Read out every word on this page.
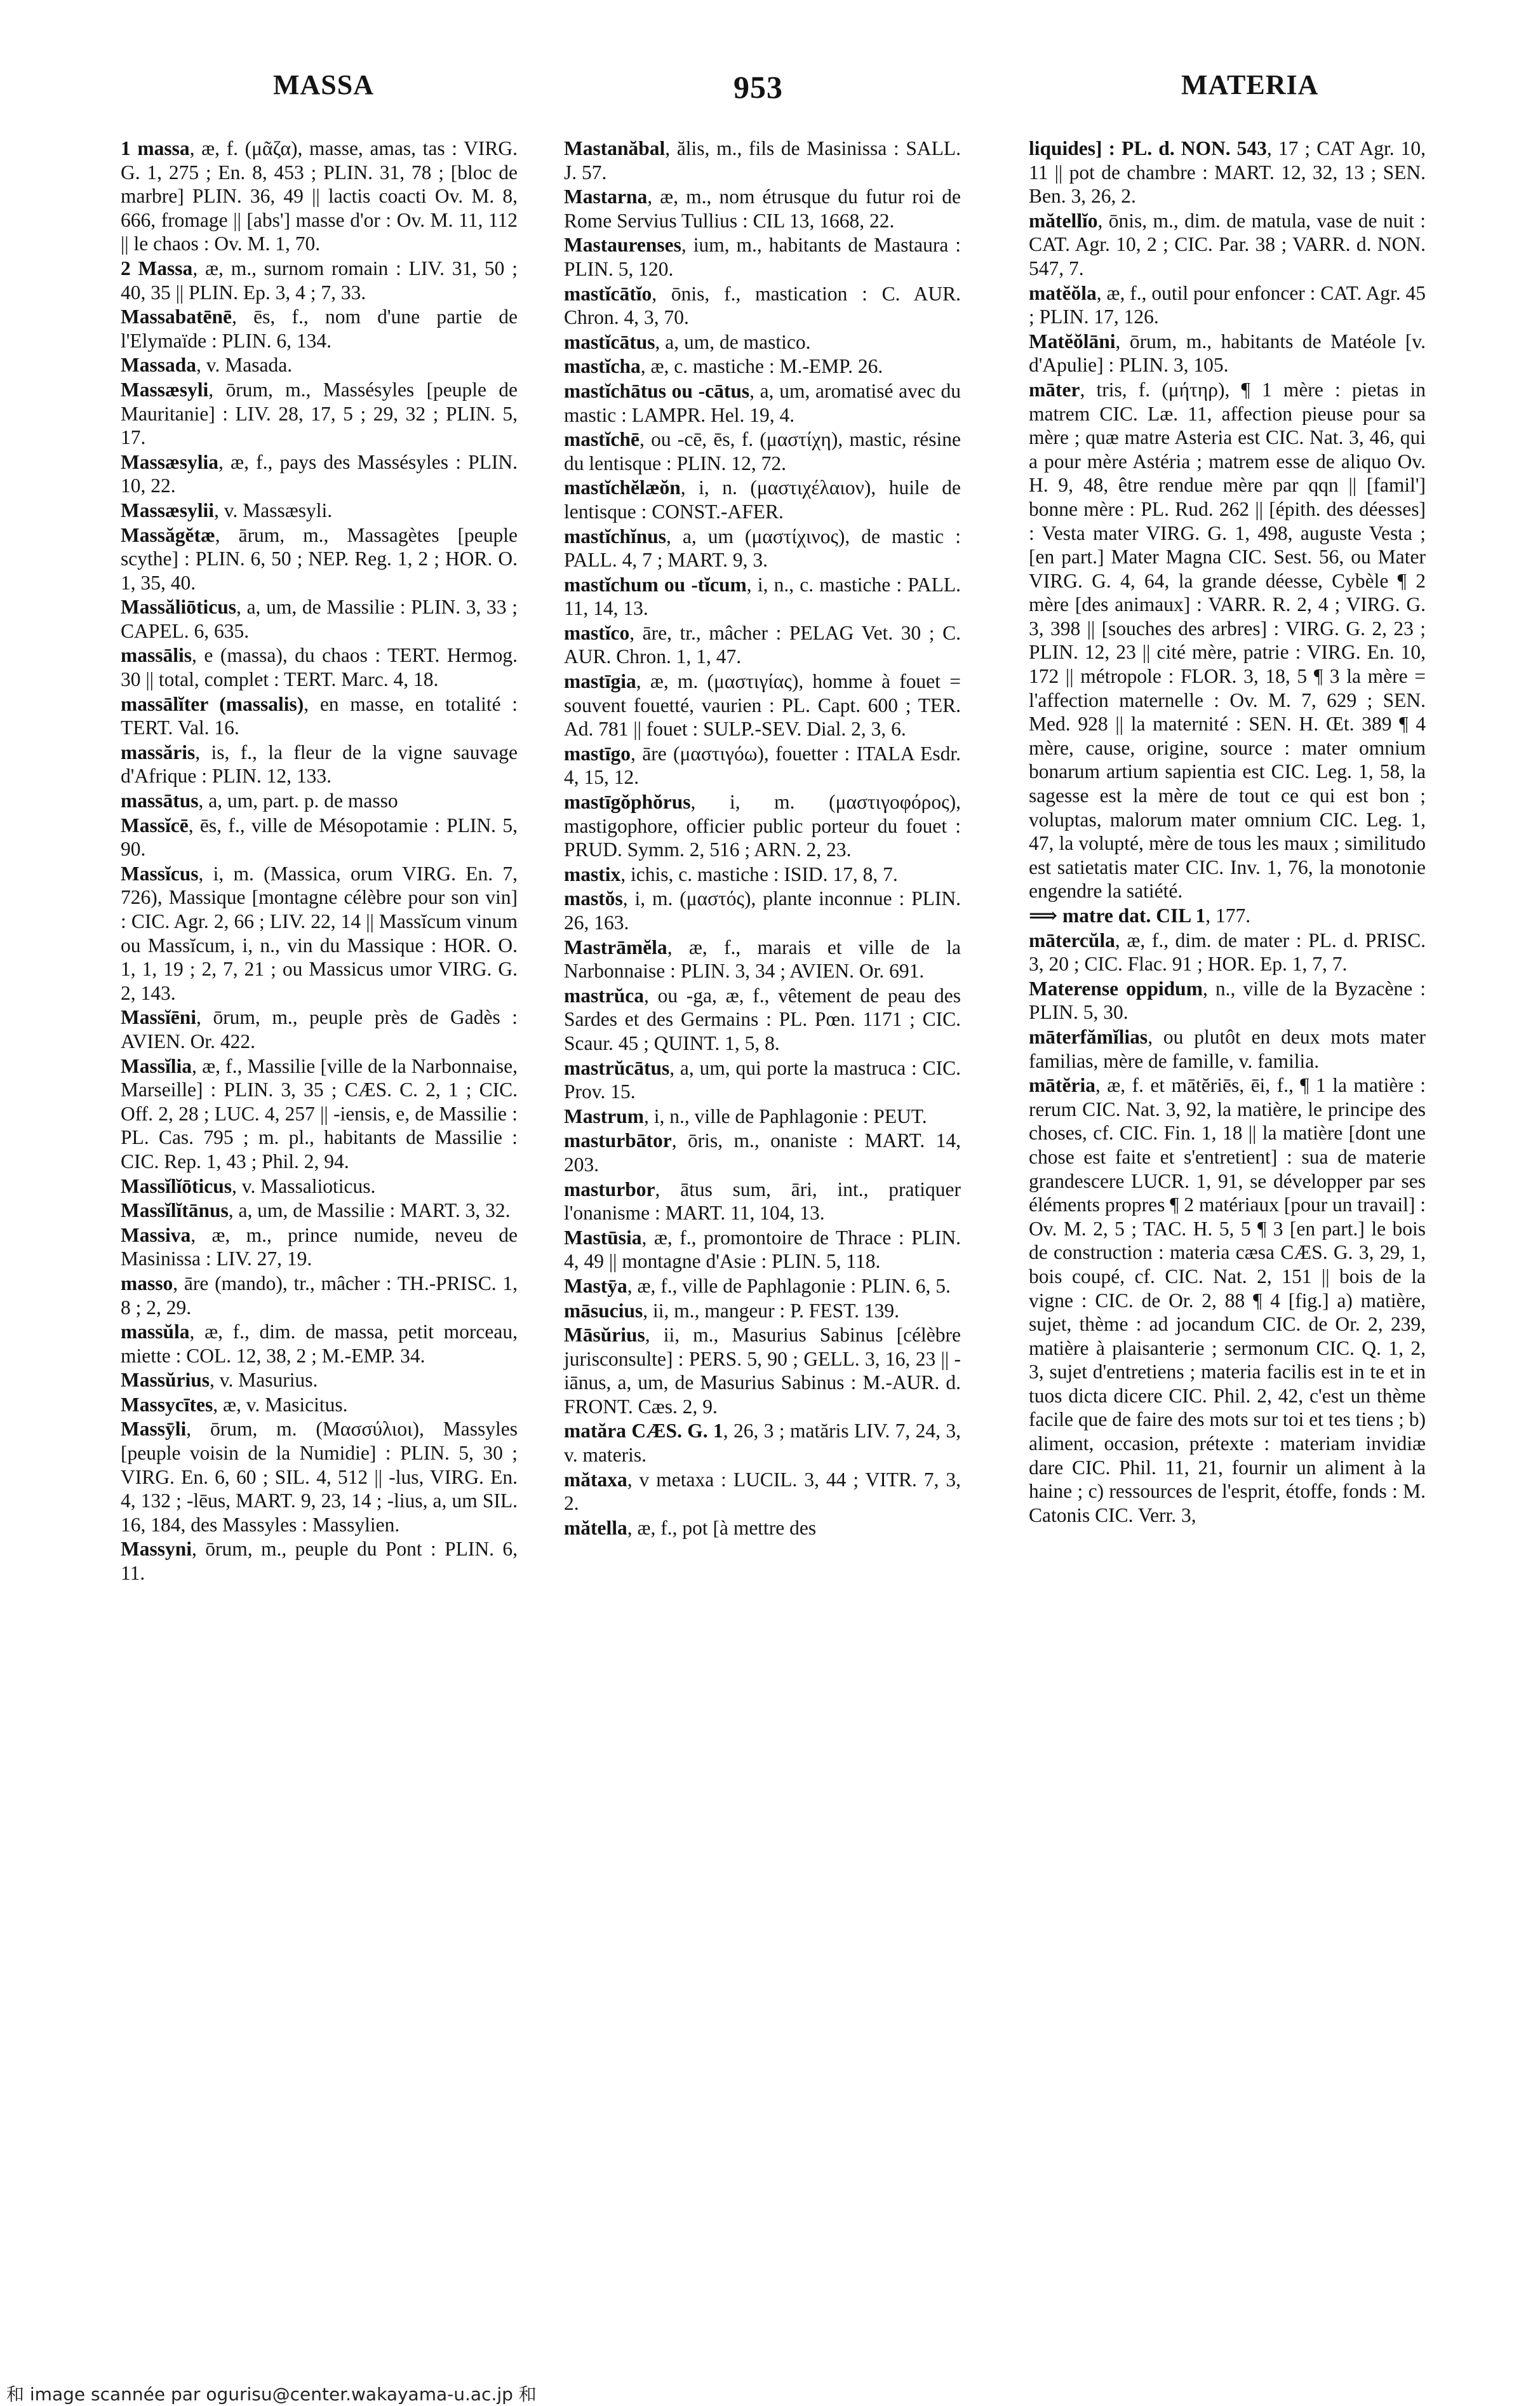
MASSA	953	MATERIA

1 massa, æ, f. (μᾶζα), masse, amas, tas : VIRG. G. 1, 275 ; En. 8, 453 ; PLIN. 31, 78 ; [bloc de marbre] PLIN. 36, 49 || lactis coacti Ov. M. 8, 666, fromage || [abs'] masse d'or : Ov. M. 11, 112 || le chaos : Ov. M. 1, 70.

2 Massa, æ, m., surnom romain : LIV. 31, 50 ; 40, 35 || PLIN. Ep. 3, 4 ; 7, 33.

Massabatēnē, ēs, f., nom d'une partie de l'Elymaïde : PLIN. 6, 134.

Massada, v. Masada.

Massæsyli, ōrum, m., Massésyles [peuple de Mauritanie] : LIV. 28, 17, 5 ; 29, 32 ; PLIN. 5, 17.

Massæsylia, æ, f., pays des Massésyles : PLIN. 10, 22.

Massæsylii, v. Massæsyli.

Massăgĕtæ, ārum, m., Massagètes [peuple scythe] : PLIN. 6, 50 ; NEP. Reg. 1, 2 ; HOR. O. 1, 35, 40.

Massăliōticus, a, um, de Massilie : PLIN. 3, 33 ; CAPEL. 6, 635.

massālis, e (massa), du chaos : TERT. Hermog. 30 || total, complet : TERT. Marc. 4, 18.

massālĭter (massalis), en masse, en totalité : TERT. Val. 16.

massăris, is, f., la fleur de la vigne sauvage d'Afrique : PLIN. 12, 133.

massātus, a, um, part. p. de masso

Massĭcē, ēs, f., ville de Mésopotamie : PLIN. 5, 90.

Massĭcus, i, m. (Massica, orum VIRG. En. 7, 726), Massique [montagne célèbre pour son vin] : CIC. Agr. 2, 66 ; LIV. 22, 14 || Massĭcum vinum ou Massĭcum, i, n., vin du Massique : HOR. O. 1, 1, 19 ; 2, 7, 21 ; ou Massicus umor VIRG. G. 2, 143.

Massĭēni, ōrum, m., peuple près de Gadès : AVIEN. Or. 422.

Massĭlia, æ, f., Massilie [ville de la Narbonnaise, Marseille] : PLIN. 3, 35 ; CÆS. C. 2, 1 ; CIC. Off. 2, 28 ; LUC. 4, 257 || -iensis, e, de Massilie : PL. Cas. 795 ; m. pl., habitants de Massilie : CIC. Rep. 1, 43 ; Phil. 2, 94.

Massĭlĭōticus, v. Massalioticus.

Massĭlĭtānus, a, um, de Massilie : MART. 3, 32.

Massiva, æ, m., prince numide, neveu de Masinissa : LIV. 27, 19.

masso, āre (mando), tr., mâcher : TH.-PRISC. 1, 8 ; 2, 29.

massŭla, æ, f., dim. de massa, petit morceau, miette : COL. 12, 38, 2 ; M.-EMP. 34.

Massŭrius, v. Masurius.

Massycītes, æ, v. Masicitus.

Massȳli, ōrum, m. (Μασσύλιοι), Massyles [peuple voisin de la Numidie] : PLIN. 5, 30 ; VIRG. En. 6, 60 ; SIL. 4, 512 || -lus, VIRG. En. 4, 132 ; -lēus, MART. 9, 23, 14 ; -lius, a, um SIL. 16, 184, des Massyles : Massylien.

Massyni, ōrum, m., peuple du Pont : PLIN. 6, 11.

Mastanăbal, ălis, m., fils de Masinissa : SALL. J. 57.

Mastarna, æ, m., nom étrusque du futur roi de Rome Servius Tullius : CIL 13, 1668, 22.

Mastaurenses, ium, m., habitants de Mastaura : PLIN. 5, 120.

mastĭcātĭo, ōnis, f., mastication : C. AUR. Chron. 4, 3, 70.

mastĭcātus, a, um, de mastico.

mastĭcha, æ, c. mastiche : M.-EMP. 26.

mastĭchātus ou -cātus, a, um, aromatisé avec du mastic : LAMPR. Hel. 19, 4.

mastĭchē, ou -cē, ēs, f. (μαστίχη), mastic, résine du lentisque : PLIN. 12, 72.

mastĭchĕlæŏn, i, n. (μαστιχέλαιον), huile de lentisque : CONST.-AFER.

mastĭchĭnus, a, um (μαστίχινος), de mastic : PALL. 4, 7 ; MART. 9, 3.

mastĭchum ou -tĭcum, i, n., c. mastiche : PALL. 11, 14, 13.

mastĭco, āre, tr., mâcher : PELAG Vet. 30 ; C. AUR. Chron. 1, 1, 47.

mastīgia, æ, m. (μαστιγίας), homme à fouet = souvent fouetté, vaurien : PL. Capt. 600 ; TER. Ad. 781 || fouet : SULP.-SEV. Dial. 2, 3, 6.

mastīgo, āre (μαστιγόω), fouetter : ITALA Esdr. 4, 15, 12.

mastīgŏphŏrus, i, m. (μαστιγοφόρος), mastigophore, officier public porteur du fouet : PRUD. Symm. 2, 516 ; ARN. 2, 23.

mastix, ichis, c. mastiche : ISID. 17, 8, 7.

mastŏs, i, m. (μαστός), plante inconnue : PLIN. 26, 163.

Mastrāmĕla, æ, f., marais et ville de la Narbonnaise : PLIN. 3, 34 ; AVIEN. Or. 691.

mastrŭca, ou -ga, æ, f., vêtement de peau des Sardes et des Germains : PL. Pœn. 1171 ; CIC. Scaur. 45 ; QUINT. 1, 5, 8.

mastrŭcātus, a, um, qui porte la mastruca : CIC. Prov. 15.

Mastrum, i, n., ville de Paphlagonie : PEUT.

masturbātor, ōris, m., onaniste : MART. 14, 203.

masturbor, ātus sum, āri, int., pratiquer l'onanisme : MART. 11, 104, 13.

Mastūsia, æ, f., promontoire de Thrace : PLIN. 4, 49 || montagne d'Asie : PLIN. 5, 118.

Mastȳa, æ, f., ville de Paphlagonie : PLIN. 6, 5.

māsucius, ii, m., mangeur : P. FEST. 139.

Māsŭrius, ii, m., Masurius Sabinus [célèbre jurisconsulte] : PERS. 5, 90 ; GELL. 3, 16, 23 || -iānus, a, um, de Masurius Sabinus : M.-AUR. d. FRONT. Cæs. 2, 9.

matăra CÆS. G. 1, 26, 3 ; matăris LIV. 7, 24, 3, v. materis.

mătaxa, v metaxa : LUCIL. 3, 44 ; VITR. 7, 3, 2.

mătella, æ, f., pot [à mettre des

liquides] : PL. d. NON. 543, 17 ; CAT Agr. 10, 11 || pot de chambre : MART. 12, 32, 13 ; SEN. Ben. 3, 26, 2.

mătellĭo, ōnis, m., dim. de matula, vase de nuit : CAT. Agr. 10, 2 ; CIC. Par. 38 ; VARR. d. NON. 547, 7.

matĕŏla, æ, f., outil pour enfoncer : CAT. Agr. 45 ; PLIN. 17, 126.

Matĕŏlāni, ōrum, m., habitants de Matéole [v. d'Apulie] : PLIN. 3, 105.

māter, tris, f. (μήτηρ), ¶ 1 mère : pietas in matrem CIC. Læ. 11, affection pieuse pour sa mère ; quæ matre Asteria est CIC. Nat. 3, 46, qui a pour mère Astéria ; matrem esse de aliquo Ov. H. 9, 48, être rendue mère par qqn || [famil'] bonne mère : PL. Rud. 262 || [épith. des déesses] : Vesta mater VIRG. G. 1, 498, auguste Vesta ; [en part.] Mater Magna CIC. Sest. 56, ou Mater VIRG. G. 4, 64, la grande déesse, Cybèle ¶ 2 mère [des animaux] : VARR. R. 2, 4 ; VIRG. G. 3, 398 || [souches des arbres] : VIRG. G. 2, 23 ; PLIN. 12, 23 || cité mère, patrie : VIRG. En. 10, 172 || métropole : FLOR. 3, 18, 5 ¶ 3 la mère = l'affection maternelle : Ov. M. 7, 629 ; SEN. Med. 928 || la maternité : SEN. H. Œt. 389 ¶ 4 mère, cause, origine, source : mater omnium bonarum artium sapientia est CIC. Leg. 1, 58, la sagesse est la mère de tout ce qui est bon ; voluptas, malorum mater omnium CIC. Leg. 1, 47, la volupté, mère de tous les maux ; similitudo est satietatis mater CIC. Inv. 1, 76, la monotonie engendre la satiété.

⟹ matre dat. CIL 1, 177.

mātercŭla, æ, f., dim. de mater : PL. d. PRISC. 3, 20 ; CIC. Flac. 91 ; HOR. Ep. 1, 7, 7.

Materense oppidum, n., ville de la Byzacène : PLIN. 5, 30.

māterfămĭlias, ou plutôt en deux mots mater familias, mère de famille, v. familia.

mātĕria, æ, f. et mātĕriēs, ēi, f., ¶ 1 la matière : rerum CIC. Nat. 3, 92, la matière, le principe des choses, cf. CIC. Fin. 1, 18 || la matière [dont une chose est faite et s'entretient] : sua de materie grandescere LUCR. 1, 91, se développer par ses éléments propres ¶ 2 matériaux [pour un travail] : Ov. M. 2, 5 ; TAC. H. 5, 5 ¶ 3 [en part.] le bois de construction : materia cæsa CÆS. G. 3, 29, 1, bois coupé, cf. CIC. Nat. 2, 151 || bois de la vigne : CIC. de Or. 2, 88 ¶ 4 [fig.] a) matière, sujet, thème : ad jocandum CIC. de Or. 2, 239, matière à plaisanterie ; sermonum CIC. Q. 1, 2, 3, sujet d'entretiens ; materia facilis est in te et in tuos dicta dicere CIC. Phil. 2, 42, c'est un thème facile que de faire des mots sur toi et tes tiens ; b) aliment, occasion, prétexte : materiam invidiæ dare CIC. Phil. 11, 21, fournir un aliment à la haine ; c) ressources de l'esprit, étoffe, fonds : M. Catonis CIC. Verr. 3,

和 image scannée par ogurisu@center.wakayama-u.ac.jp 和
